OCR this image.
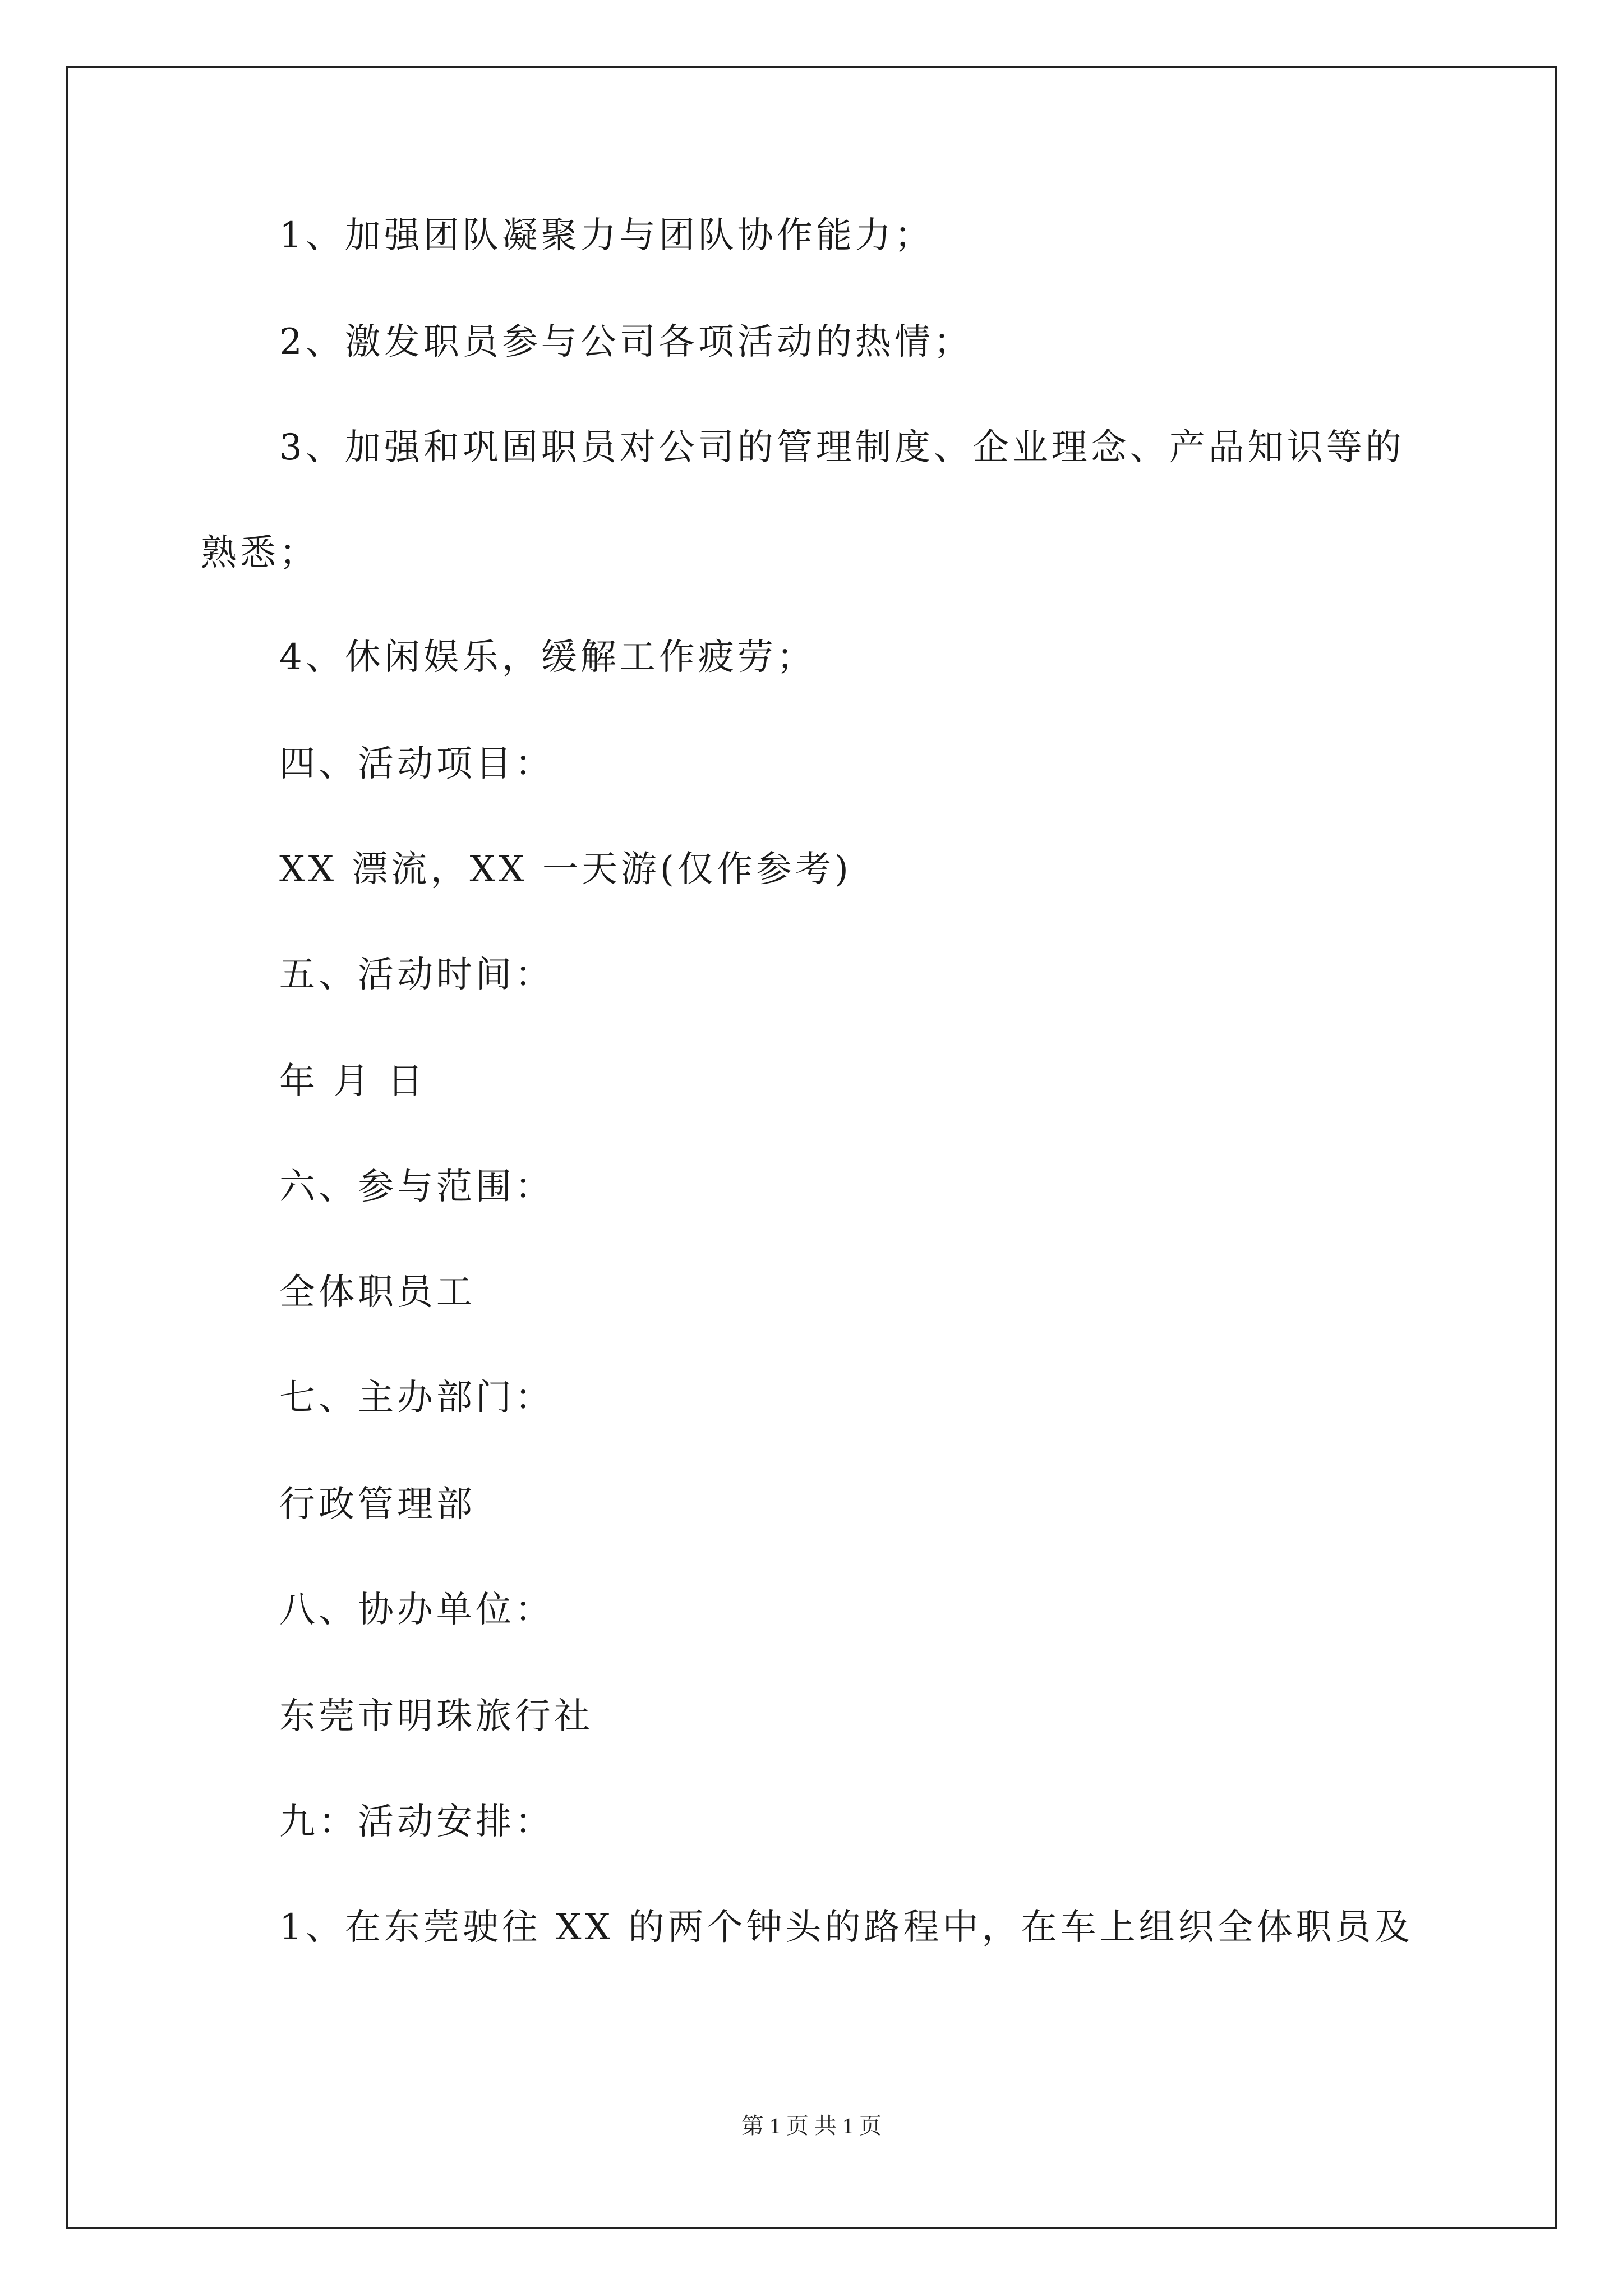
1、加强团队凝聚力与团队协作能力；
2、激发职员参与公司各项活动的热情；
3、加强和巩固职员对公司的管理制度、企业理念、产品知识等的
熟悉；
4、休闲娱乐，缓解工作疲劳；
四、活动项目：
XX 漂流，XX 一天游(仅作参考)
五、活动时间：
年 月 日
六、参与范围：
全体职员工
七、主办部门：
行政管理部
八、协办单位：
东莞市明珠旅行社
九：活动安排：
1、在东莞驶往 XX 的两个钟头的路程中，在车上组织全体职员及
第 1 页 共 1 页
